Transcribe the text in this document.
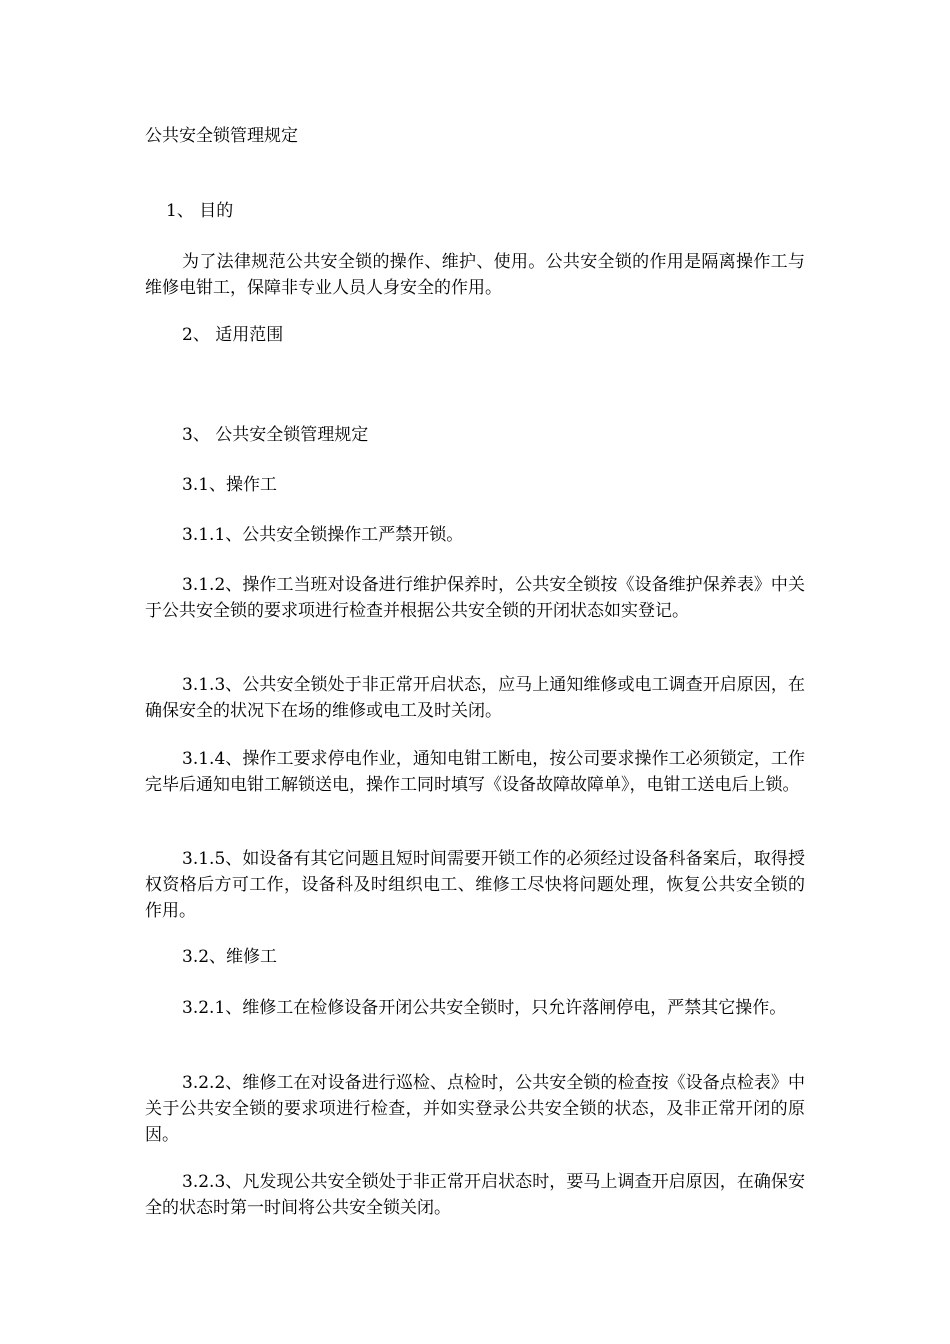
公共安全锁管理规定
1、 目的
为了法律规范公共安全锁的操作、维护、使用。公共安全锁的作用是隔离操作工与维修电钳工，保障非专业人员人身安全的作用。
2、 适用范围
3、 公共安全锁管理规定
3.1、操作工
3.1.1、公共安全锁操作工严禁开锁。
3.1.2、操作工当班对设备进行维护保养时，公共安全锁按《设备维护保养表》中关于公共安全锁的要求项进行检查并根据公共安全锁的开闭状态如实登记。
3.1.3、公共安全锁处于非正常开启状态，应马上通知维修或电工调查开启原因，在确保安全的状况下在场的维修或电工及时关闭。
3.1.4、操作工要求停电作业，通知电钳工断电，按公司要求操作工必须锁定，工作完毕后通知电钳工解锁送电，操作工同时填写《设备故障故障单》，电钳工送电后上锁。
3.1.5、如设备有其它问题且短时间需要开锁工作的必须经过设备科备案后，取得授权资格后方可工作，设备科及时组织电工、维修工尽快将问题处理，恢复公共安全锁的作用。
3.2、维修工
3.2.1、维修工在检修设备开闭公共安全锁时，只允许落闸停电，严禁其它操作。
3.2.2、维修工在对设备进行巡检、点检时，公共安全锁的检查按《设备点检表》中关于公共安全锁的要求项进行检查，并如实登录公共安全锁的状态，及非正常开闭的原因。
3.2.3、凡发现公共安全锁处于非正常开启状态时，要马上调查开启原因，在确保安全的状态时第一时间将公共安全锁关闭。
